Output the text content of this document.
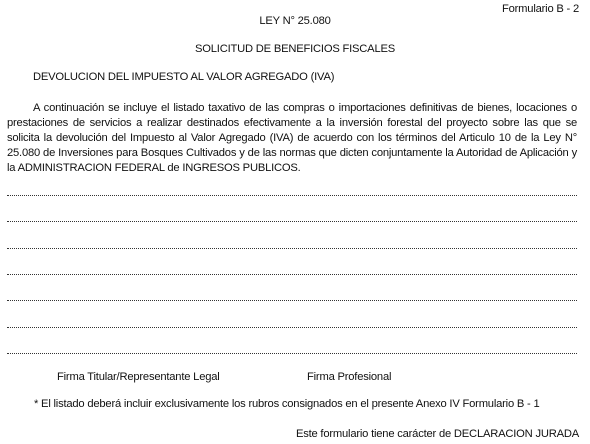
Formulario B - 2
LEY N° 25.080
SOLICITUD DE BENEFICIOS FISCALES
DEVOLUCION DEL IMPUESTO AL VALOR AGREGADO (IVA)
A continuación se incluye el listado taxativo de las compras o importaciones definitivas de bienes, locaciones o prestaciones de servicios a realizar destinados efectivamente a la inversión forestal del proyecto sobre las que se solicita la devolución del Impuesto al Valor Agregado (IVA) de acuerdo con los términos del Articulo 10 de la Ley N° 25.080 de Inversiones para Bosques Cultivados y de las normas que dicten conjuntamente la Autoridad de Aplicación y la ADMINISTRACION FEDERAL de INGRESOS PUBLICOS.
Firma Titular/Representante Legal	Firma Profesional
* El listado deberá incluir exclusivamente los rubros consignados en el presente Anexo IV Formulario B - 1
Este formulario tiene carácter de DECLARACION JURADA
